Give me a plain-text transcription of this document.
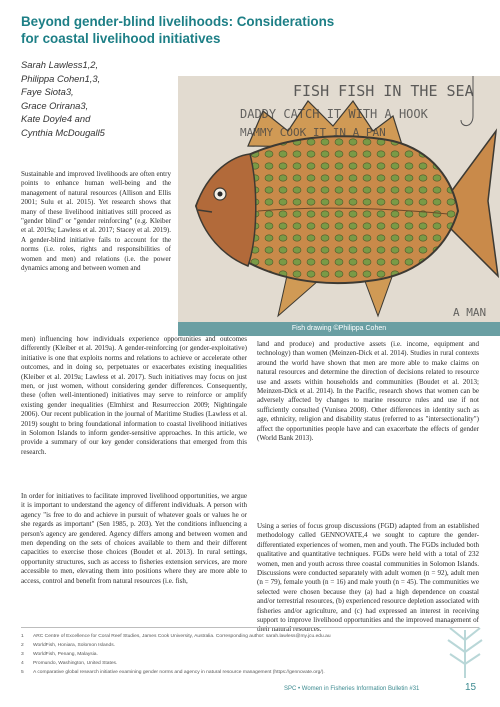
Beyond gender-blind livelihoods: Considerations for coastal livelihood initiatives
Sarah Lawless1,2,
Philippa Cohen1,3,
Faye Siota3,
Grace Orirana3,
Kate Doyle4 and
Cynthia McDougall5
FISH FISH IN THE SEA
DADDY CATCH IT WITH A HOOK
MAMMY COOK IT IN A PAN
A MAN
Fish drawing ©Philippa Cohen

Sustainable and improved livelihoods are often entry points to enhance human well-being and the management of natural resources (Allison and Ellis 2001; Sulu et al. 2015). Yet research shows that many of these livelihood initiatives still proceed as "gender blind" or "gender reinforcing" (e.g. Kleiber et al. 2019a; Lawless et al. 2017; Stacey et al. 2019). A gender-blind initiative fails to account for the norms (i.e. roles, rights and responsibilities of women and men) and relations (i.e. the power dynamics among and between women and

men) influencing how individuals experience opportunities and outcomes differently (Kleiber et al. 2019a). A gender-reinforcing (or gender-exploitative) initiative is one that exploits norms and relations to achieve or accelerate other outcomes, and in doing so, perpetuates or exacerbates existing inequalities (Kleiber et al. 2019a; Lawless et al. 2017). Such initiatives may focus on just men, or just women, without considering gender differences. Consequently, these (often well-intentioned) initiatives may serve to reinforce or amplify existing gender inequalities (Elmhirst and Resurreccion 2009; Nightingale 2006). Our recent publication in the journal of Maritime Studies (Lawless et al. 2019) sought to bring foundational information to coastal livelihood initiatives in Solomon Islands to inform gender-sensitive approaches. In this article, we provide a summary of our key gender considerations that emerged from this research.

In order for initiatives to facilitate improved livelihood opportunities, we argue it is important to understand the agency of different individuals. A person with agency "is free to do and achieve in pursuit of whatever goals or values he or she regards as important" (Sen 1985, p. 203). Yet the conditions influencing a person's agency are gendered. Agency differs among and between women and men depending on the sets of choices available to them and their different capacities to exercise those choices (Boudet et al. 2013). In rural settings, opportunity structures, such as access to fisheries extension services, are more accessible to men, elevating them into positions where they are more able to access, control and benefit from natural resources (i.e. fish,

land and produce) and productive assets (i.e. income, equipment and technology) than women (Meinzen-Dick et al. 2014). Studies in rural contexts around the world have shown that men are more able to make claims on natural resources and determine the direction of decisions related to resource use and assets within households and communities (Boudet et al. 2013; Meinzen-Dick et al. 2014). In the Pacific, research shows that women can be adversely affected by changes to marine resource rules and use if not sufficiently consulted (Vunisea 2008). Other differences in identity such as age, ethnicity, religion and disability status (referred to as "intersectionality") affect the opportunities people have and can exacerbate the effects of gender (World Bank 2013).

Using a series of focus group discussions (FGD) adapted from an established methodology called GENNOVATE,4 we sought to capture the gender-differentiated experiences of women, men and youth. The FGDs included both qualitative and quantitative techniques. FGDs were held with a total of 232 women, men and youth across three coastal communities in Solomon Islands. Discussions were conducted separately with adult women (n = 92), adult men (n = 79), female youth (n = 16) and male youth (n = 45). The communities we selected were chosen because they (a) had a high dependence on coastal and/or terrestrial resources, (b) experienced resource depletion associated with fisheries and/or agriculture, and (c) had expressed an interest in receiving support to improve livelihood opportunities and the improved management of their natural resources.

1 ARC Centre of Excellence for Coral Reef Studies, James Cook University, Australia. Corresponding author: sarah.lawless@my.jcu.edu.au
2 WorldFish, Honiara, Solomon Islands.
3 WorldFish, Penang, Malaysia.
4 Promundo, Washington, United States.
5 A comparative global research initiative examining gender norms and agency in natural resource management (https://gennovate.org/).
SPC • Women in Fisheries Information Bulletin #31	15
